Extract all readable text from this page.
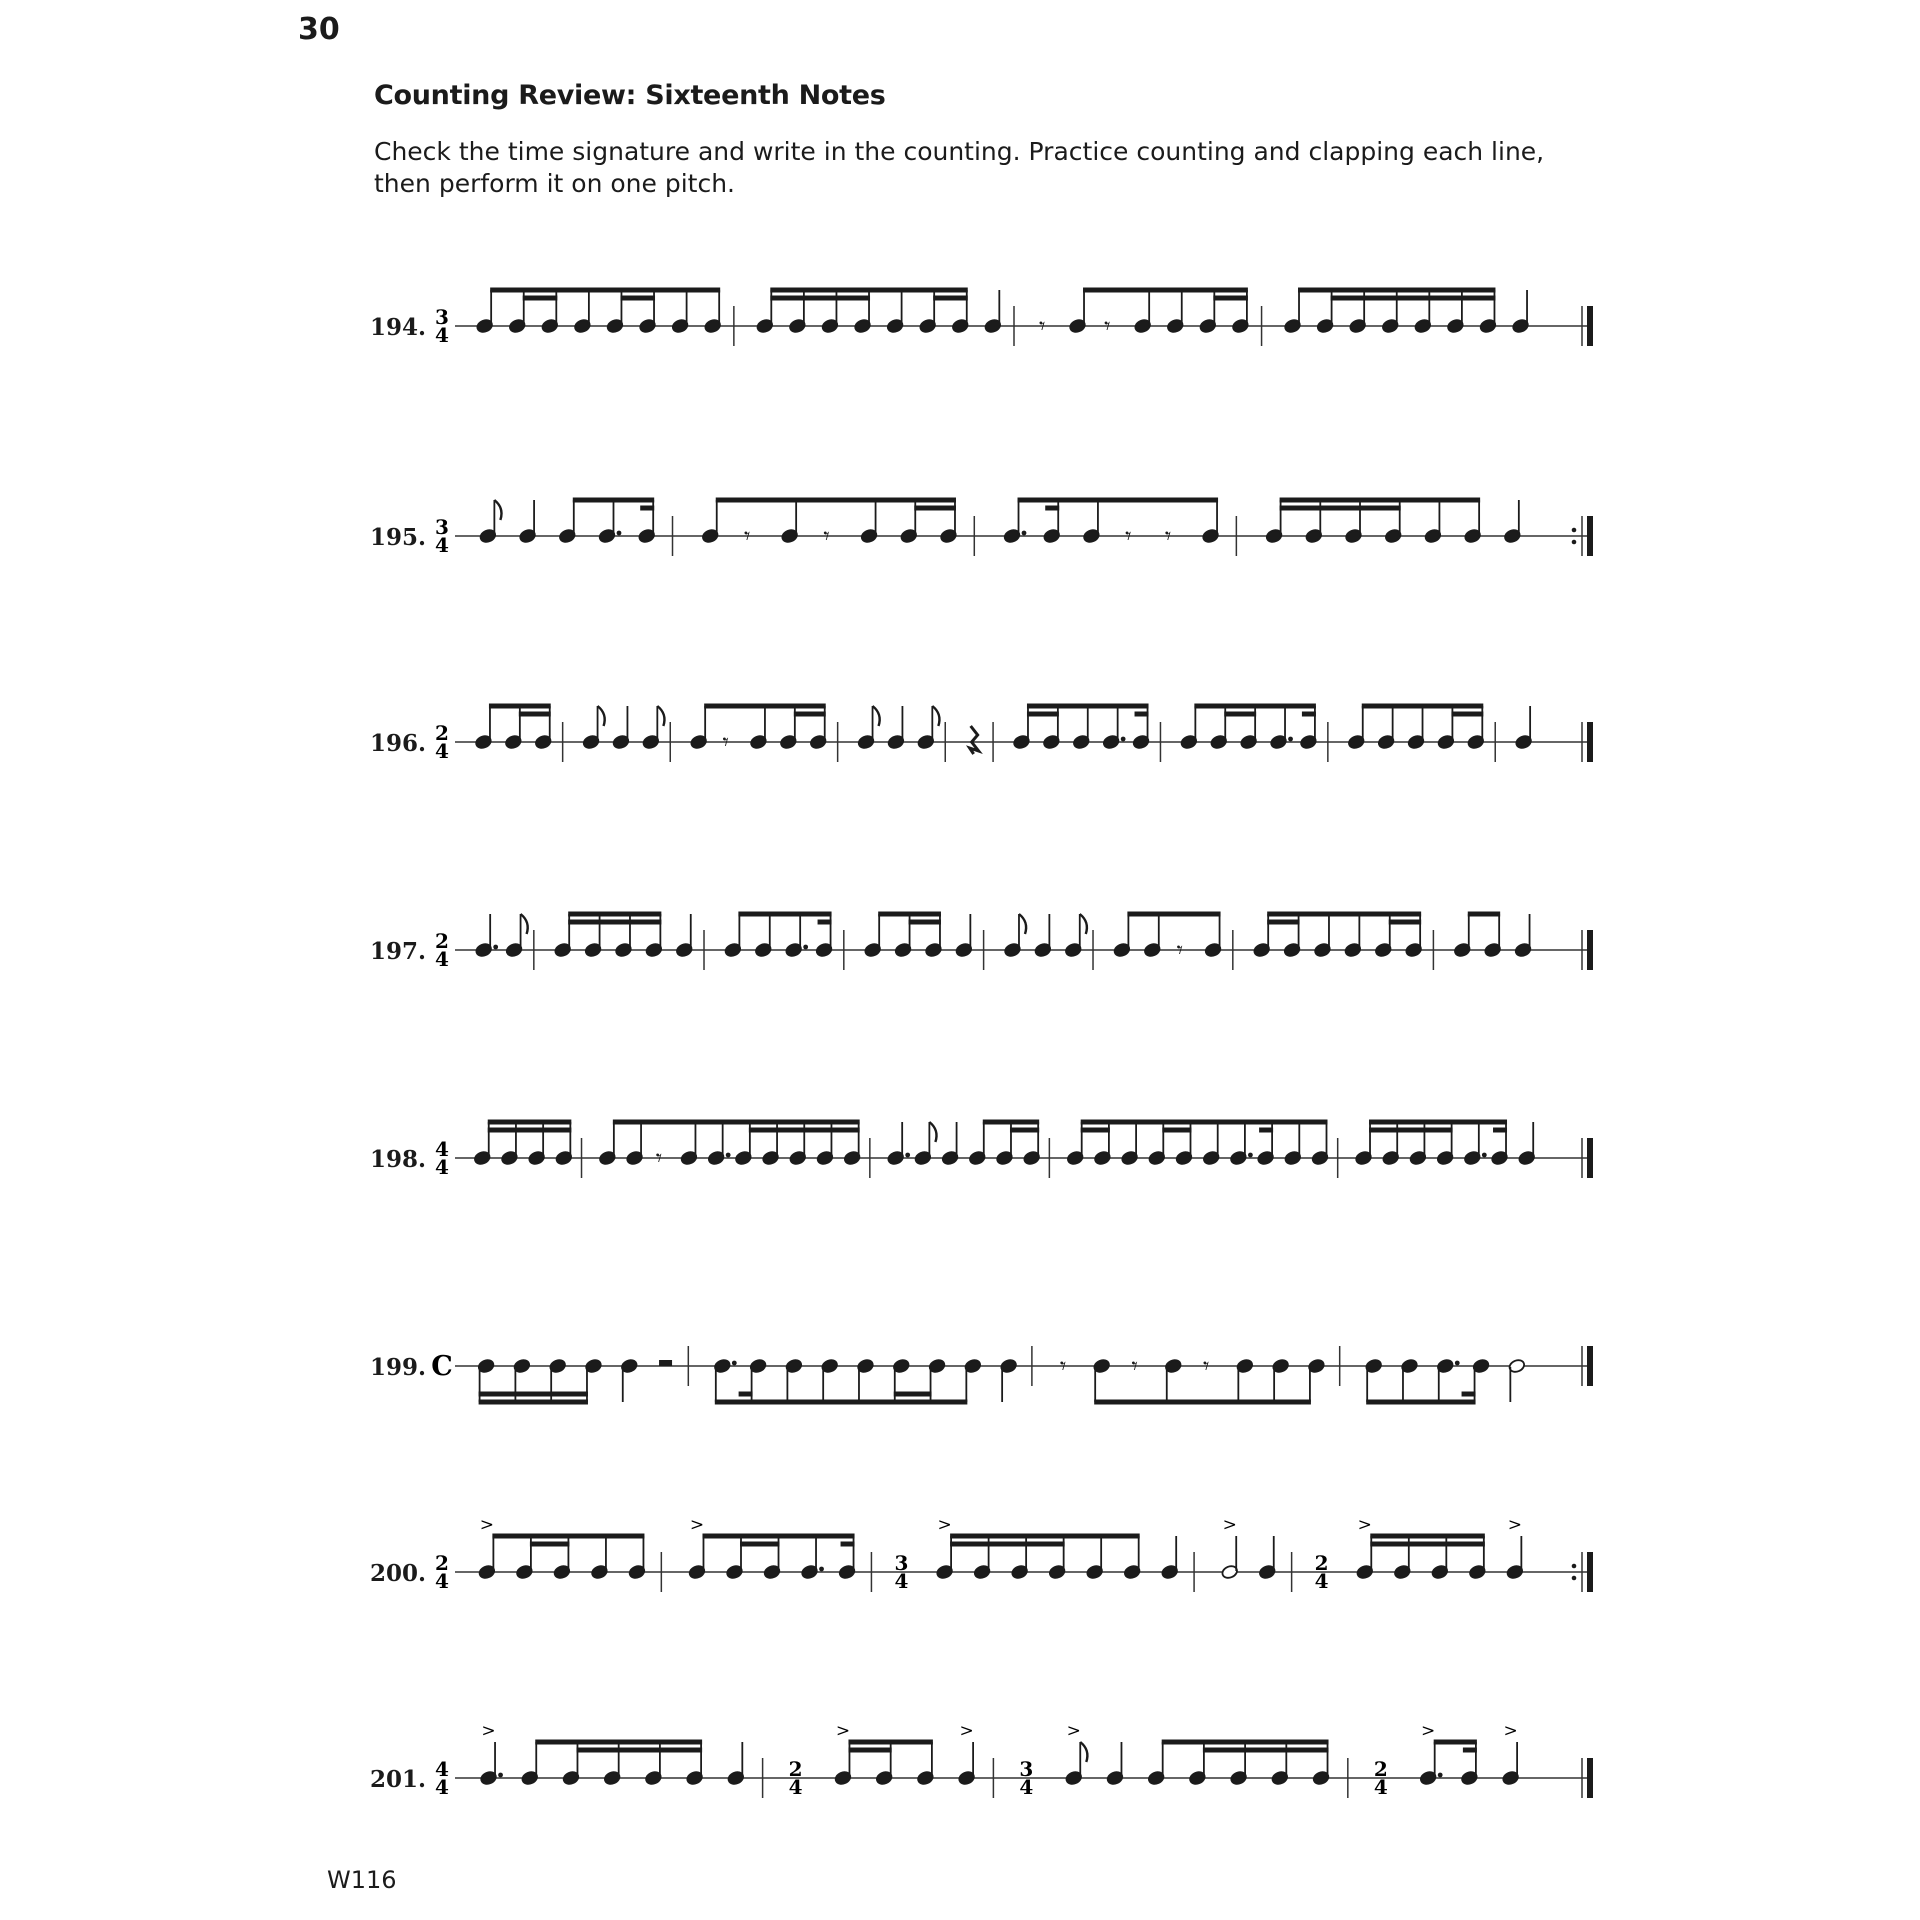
30
Counting Review: Sixteenth Notes
Check the time signature and write in the counting. Practice counting and clapping each line, then perform it on one pitch.
194. 3
4	𝄾 𝄾
195. 3
4	𝄾	𝄾	𝄾 𝄾
196. 2
4	𝄾
197. 2
4	𝄾
198. 4
4	𝄾
199. C	𝄾	𝄾	𝄾
200. 2
4
>	>
3
4
>	>
2
4
>	>
201. 4
4
>
2
4
>	>
3
4
>
2
4
>	>
W116
